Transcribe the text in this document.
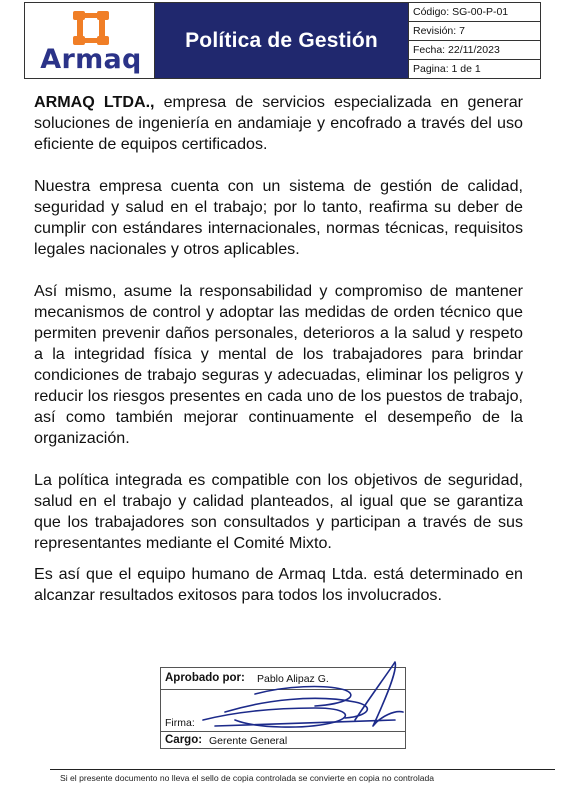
Armaq
Política de Gestión
Código: SG-00-P-01
Revisión: 7
Fecha: 22/11/2023
Pagina: 1 de 1

ARMAQ LTDA., empresa de servicios especializada en generar soluciones de ingeniería en andamiaje y encofrado a través del uso eficiente de equipos certificados.

Nuestra empresa cuenta con un sistema de gestión de calidad, seguridad y salud en el trabajo; por lo tanto, reafirma su deber de cumplir con estándares internacionales, normas técnicas, requisitos legales nacionales y otros aplicables.

Así mismo, asume la responsabilidad y compromiso de mantener mecanismos de control y adoptar las medidas de orden técnico que permiten prevenir daños personales, deterioros a la salud y respeto a la integridad física y mental de los trabajadores para brindar condiciones de trabajo seguras y adecuadas, eliminar los peligros y reducir los riesgos presentes en cada uno de los puestos de trabajo, así como también mejorar continuamente el desempeño de la organización.

La política integrada es compatible con los objetivos de seguridad, salud en el trabajo y calidad planteados, al igual que se garantiza que los trabajadores son consultados y participan a través de sus representantes mediante el Comité Mixto.

Es así que el equipo humano de Armaq Ltda. está determinado en alcanzar resultados exitosos para todos los involucrados.

Aprobado por: Pablo Alipaz G.
Firma:
Cargo: Gerente General
Si el presente documento no lleva el sello de copia controlada se convierte en copia no controlada
